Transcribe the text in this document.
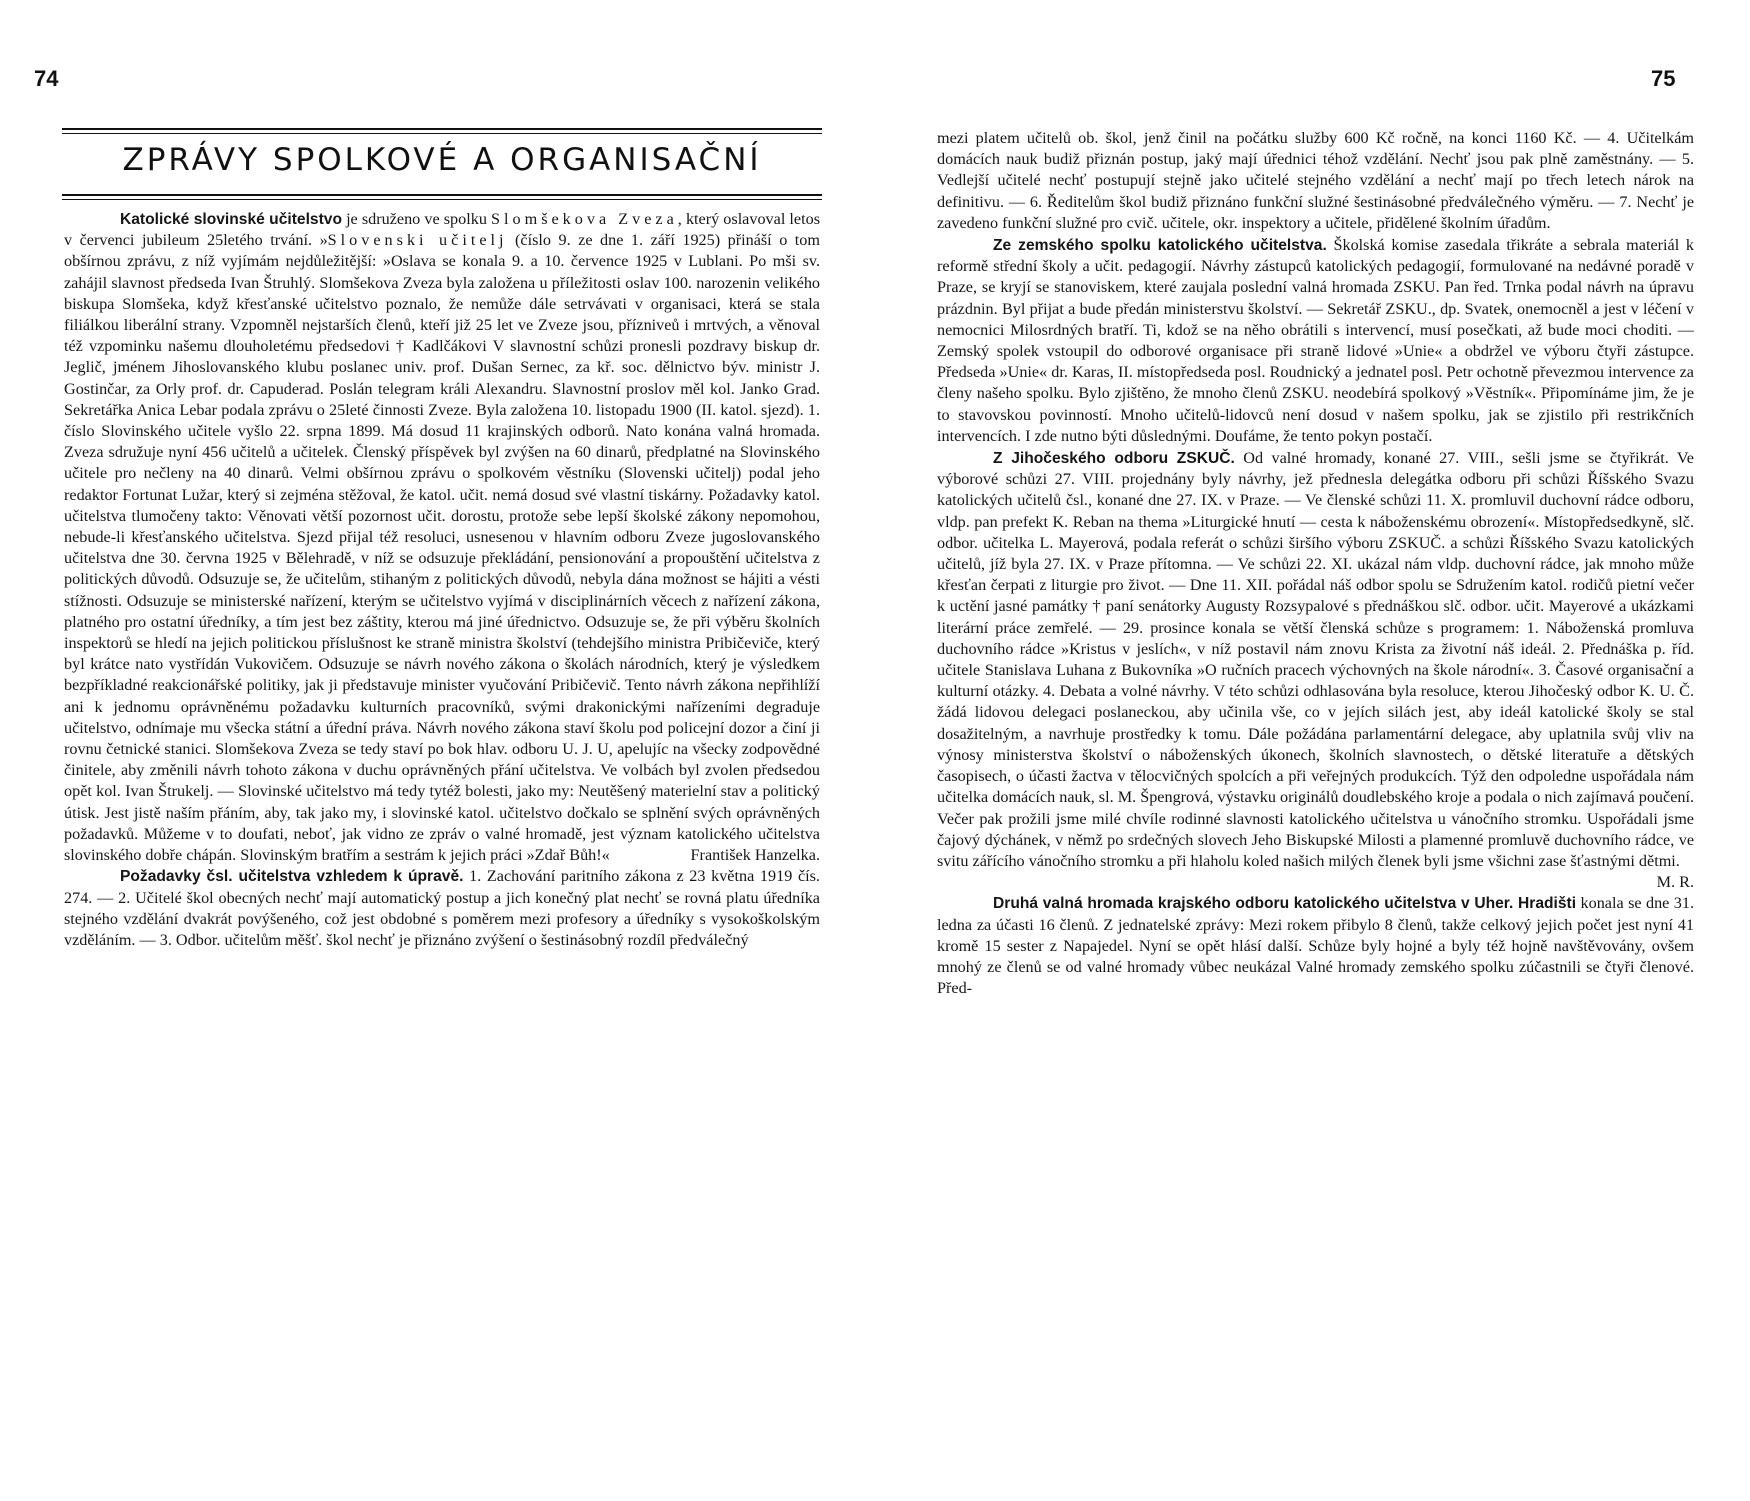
74
ZPRÁVY SPOLKOVÉ A ORGANISAČNÍ

Katolické slovinské učitelstvo je sdruženo ve spolku Slomšekova Zveza, který oslavoval letos v červenci jubileum 25letého trvání. »Slovenski učitelj (číslo 9. ze dne 1. září 1925) přináší o tom obšírnou zprávu, z níž vyjímám nejdůležitější: »Oslava se konala 9. a 10. července 1925 v Lublani. Po mši sv. zahájil slavnost předseda Ivan Štruhlý. Slomšekova Zveza byla založena u příležitosti oslav 100. narozenin velikého biskupa Slomšeka, když křesťanské učitelstvo poznalo, že nemůže dále setrvávati v organisaci, která se stala filiálkou liberální strany. Vzpomněl nejstarších členů, kteří již 25 let ve Zveze jsou, přízniveů i mrtvých, a věnoval též vzpominku našemu dlouholetému předsedovi † Kadlčákovi V slavnostní schůzi pronesli pozdravy biskup dr. Jeglič, jménem Jihoslovanského klubu poslanec univ. prof. Dušan Sernec, za kř. soc. dělnictvo býv. ministr J. Gostinčar, za Orly prof. dr. Capuderad. Poslán telegram králi Alexandru. Slavnostní proslov měl kol. Janko Grad. Sekretářka Anica Lebar podala zprávu o 25leté činnosti Zveze. Byla založena 10. listopadu 1900 (II. katol. sjezd). 1. číslo Slovinského učitele vyšlo 22. srpna 1899. Má dosud 11 krajinských odborů. Nato konána valná hromada. Zveza sdružuje nyní 456 učitelů a učitelek. Členský příspěvek byl zvýšen na 60 dinarů, předplatné na Slovinského učitele pro nečleny na 40 dinarů. Velmi obšírnou zprávu o spolkovém věstníku (Slovenski učitelj) podal jeho redaktor Fortunat Lužar, který si zejména stěžoval, že katol. učit. nemá dosud své vlastní tiskárny. Požadavky katol. učitelstva tlumočeny takto: Věnovati větší pozornost učit. dorostu, protože sebe lepší školské zákony nepomohou, nebude-li křesťanského učitelstva. Sjezd přijal též resoluci, usnesenou v hlavním odboru Zveze jugoslovanského učitelstva dne 30. června 1925 v Bělehradě, v níž se odsuzuje překládání, pensionování a propouštění učitelstva z politických důvodů. Odsuzuje se, že učitelům, stihaným z politických důvodů, nebyla dána možnost se hájiti a vésti stížnosti. Odsuzuje se ministerské nařízení, kterým se učitelstvo vyjímá v disciplinárních věcech z nařízení zákona, platného pro ostatní úředníky, a tím jest bez záštity, kterou má jiné úřednictvo. Odsuzuje se, že při výběru školních inspektorů se hledí na jejich politickou příslušnost ke straně ministra školství (tehdejšího ministra Pribičeviče, který byl krátce nato vystřídán Vukovičem. Odsuzuje se návrh nového zákona o školách národních, který je výsledkem bezpříkladné reakcionářské politiky, jak ji představuje minister vyučování Pribičevič. Tento návrh zákona nepřihlíží ani k jednomu oprávněnému požadavku kulturních pracovníků, svými drakonickými nařízeními degraduje učitelstvo, odnímaje mu všecka státní a úřední práva. Návrh nového zákona staví školu pod policejní dozor a činí ji rovnu četnické stanici. Slomšekova Zveza se tedy staví po bok hlav. odboru U. J. U, apelujíc na všecky zodpovědné činitele, aby změnili návrh tohoto zákona v duchu oprávněných přání učitelstva. Ve volbách byl zvolen předsedou opět kol. Ivan Štrukelj. — Slovinské učitelstvo má tedy tytéž bolesti, jako my: Neutěšený materielní stav a politický útisk. Jest jistě naším přáním, aby, tak jako my, i slovinské katol. učitelstvo dočkalo se splnění svých oprávněných požadavků. Můžeme v to doufati, neboť, jak vidno ze zpráv o valné hromadě, jest význam katolického učitelstva slovinského dobře chápán. Slovinským bratřím a sestrám k jejich práci »Zdař Bůh!«	František Hanzelka.

Požadavky čsl. učitelstva vzhledem k úpravě. 1. Zachování paritního zákona z 23 května 1919 čís. 274. — 2. Učitelé škol obecných nechť mají automatický postup a jich konečný plat nechť se rovná platu úředníka stejného vzdělání dvakrát povýšeného, což jest obdobné s poměrem mezi profesory a úředníky s vysokoškolským vzděláním. — 3. Odbor. učitelům měšť. škol nechť je přiznáno zvýšení o šestinásobný rozdíl předválečný

75

mezi platem učitelů ob. škol, jenž činil na počátku služby 600 Kč ročně, na konci 1160 Kč. — 4. Učitelkám domácích nauk budiž přiznán postup, jaký mají úřednici téhož vzdělání. Nechť jsou pak plně zaměstnány. — 5. Vedlejší učitelé nechť postupují stejně jako učitelé stejného vzdělání a nechť mají po třech letech nárok na definitivu. — 6. Ředitelům škol budiž přiznáno funkční služné šestinásobné předválečného výměru. — 7. Nechť je zavedeno funkční služné pro cvič. učitele, okr. inspektory a učitele, přidělené školním úřadům.

Ze zemského spolku katolického učitelstva. Školská komise zasedala třikráte a sebrala materiál k reformě střední školy a učit. pedagogií. Návrhy zástupců katolických pedagogií, formulované na nedávné poradě v Praze, se kryjí se stanoviskem, které zaujala poslední valná hromada ZSKU. Pan řed. Trnka podal návrh na úpravu prázdnin. Byl přijat a bude předán ministerstvu školství. — Sekretář ZSKU., dp. Svatek, onemocněl a jest v léčení v nemocnici Milosrdných bratří. Ti, kdož se na něho obrátili s intervencí, musí posečkati, až bude moci choditi. — Zemský spolek vstoupil do odborové organisace při straně lidové »Unie« a obdržel ve výboru čtyři zástupce. Předseda »Unie« dr. Karas, II. místopředseda posl. Roudnický a jednatel posl. Petr ochotně převezmou intervence za členy našeho spolku. Bylo zjištěno, že mnoho členů ZSKU. neodebírá spolkový »Věstník«. Připomínáme jim, že je to stavovskou povinností. Mnoho učitelů-lidovců není dosud v našem spolku, jak se zjistilo při restrikčních intervencích. I zde nutno býti důslednými. Doufáme, že tento pokyn postačí.

Z Jihočeského odboru ZSKUČ. Od valné hromady, konané 27. VIII., sešli jsme se čtyřikrát. Ve výborové schůzi 27. VIII. projednány byly návrhy, jež přednesla delegátka odboru při schůzi Říšského Svazu katolických učitelů čsl., konané dne 27. IX. v Praze. — Ve členské schůzi 11. X. promluvil duchovní rádce odboru, vldp. pan prefekt K. Reban na thema »Liturgické hnutí — cesta k náboženskému obrození«. Místopředsedkyně, slč. odbor. učitelka L. Mayerová, podala referát o schůzi širšího výboru ZSKUČ. a schůzi Říšského Svazu katolických učitelů, jíž byla 27. IX. v Praze přítomna. — Ve schůzi 22. XI. ukázal nám vldp. duchovní rádce, jak mnoho může křesťan čerpati z liturgie pro život. — Dne 11. XII. pořádal náš odbor spolu se Sdružením katol. rodičů pietní večer k uctění jasné památky † paní senátorky Augusty Rozsypalové s přednáškou slč. odbor. učit. Mayerové a ukázkami literární práce zemřelé. — 29. prosince konala se větší členská schůze s programem: 1. Náboženská promluva duchovního rádce »Kristus v jeslích«, v níž postavil nám znovu Krista za životní náš ideál. 2. Přednáška p. říd. učitele Stanislava Luhana z Bukovníka »O ručních pracech výchovných na škole národní«. 3. Časové organisační a kulturní otázky. 4. Debata a volné návrhy. V této schůzi odhlasována byla resoluce, kterou Jihočeský odbor K. U. Č. žádá lidovou delegaci poslaneckou, aby učinila vše, co v jejích silách jest, aby ideál katolické školy se stal dosažitelným, a navrhuje prostředky k tomu. Dále požádána parlamentární delegace, aby uplatnila svůj vliv na výnosy ministerstva školství o náboženských úkonech, školních slavnostech, o dětské literatuře a dětských časopisech, o účasti žactva v tělocvičných spolcích a při veřejných produkcích. Týž den odpoledne uspořádala nám učitelka domácích nauk, sl. M. Špengrová, výstavku originálů doudlebského kroje a podala o nich zajímavá poučení. Večer pak prožili jsme milé chvíle rodinné slavnosti katolického učitelstva u vánočního stromku. Uspořádali jsme čajový dýchánek, v němž po srdečných slovech Jeho Biskupské Milosti a plamenné promluvě duchovního rádce, ve svitu zářícího vánočního stromku a při hlaholu koled našich milých členek byli jsme všichni zase šťastnými dětmi.
M. R.

Druhá valná hromada krajského odboru katolického učitelstva v Uher. Hradišti konala se dne 31. ledna za účasti 16 členů. Z jednatelské zprávy: Mezi rokem přibylo 8 členů, takže celkový jejich počet jest nyní 41 kromě 15 sester z Napajedel. Nyní se opět hlásí další. Schůze byly hojné a byly též hojně navštěvovány, ovšem mnohý ze členů se od valné hromady vůbec neukázal Valné hromady zemského spolku zúčastnili se čtyři členové. Před-
